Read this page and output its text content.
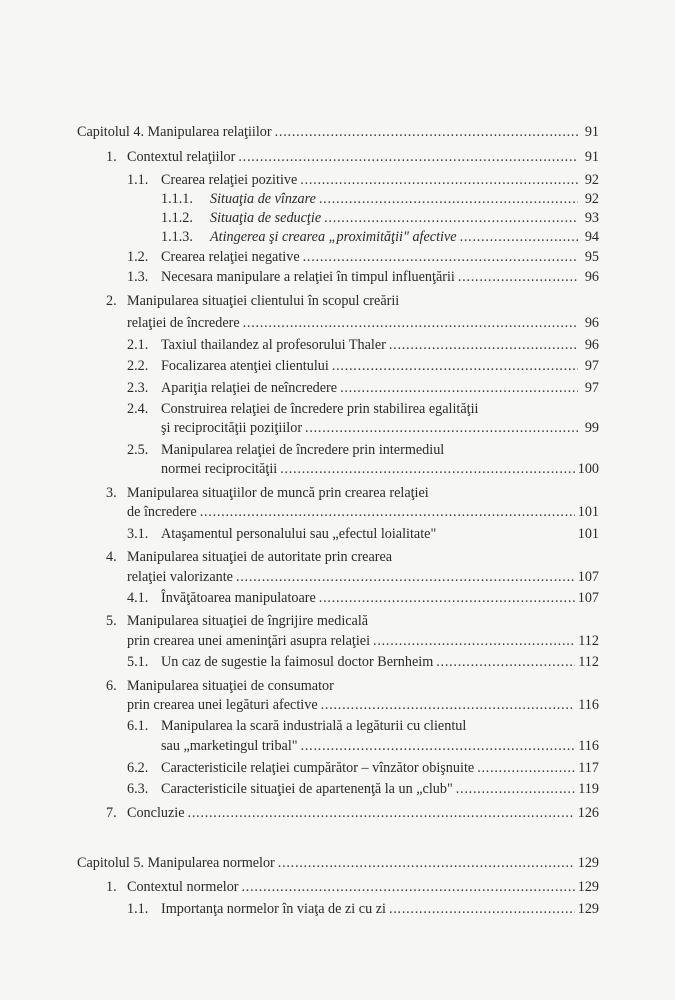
Capitolul 4. Manipularea relaţiilor . . .	91
1. Contextul relaţiilor . . .	91
1.1. Crearea relaţiei pozitive . . .	92
1.1.1.	Situaţia de vînzare . . .	92
1.1.2.	Situaţia de seducţie . . .	93
1.1.3.	Atingerea şi crearea „proximităţii" afective . . .	94
1.2. Crearea relaţiei negative . . .	95
1.3. Necesara manipulare a relaţiei în timpul influenţării . . .	96
2. Manipularea situaţiei clientului în scopul creării
relaţiei de încredere . . .	96
2.1. Taxiul thailandez al profesorului Thaler . . .	96
2.2. Focalizarea atenţiei clientului . . .	97
2.3. Apariţia relaţiei de neîncredere . . .	97
2.4. Construirea relaţiei de încredere prin stabilirea egalităţii
şi reciprocităţii poziţiilor . . .	99
2.5. Manipularea relaţiei de încredere prin intermediul
normei reciprocităţii . . .	100
3. Manipularea situaţiilor de muncă prin crearea relaţiei
de încredere . . .	101
3.1. Ataşamentul personalului sau „efectul loialitate"	101
4. Manipularea situaţiei de autoritate prin crearea
relaţiei valorizante . . .	107
4.1. Învăţătoarea manipulatoare . . .	107
5. Manipularea situaţiei de îngrijire medicală
prin crearea unei ameninţări asupra relaţiei . . .	112
5.1. Un caz de sugestie la faimosul doctor Bernheim . . .	112
6. Manipularea situaţiei de consumator
prin crearea unei legături afective . . .	116
6.1. Manipularea la scară industrială a legăturii cu clientul
sau „marketingul tribal" . . .	116
6.2. Caracteristicile relaţiei cumpărător – vînzător obişnuite . . .	117
6.3. Caracteristicile situaţiei de apartenenţă la un „club" . . .	119
7. Concluzie . . .	126
Capitolul 5. Manipularea normelor . . .	129
1. Contextul normelor . . .	129
1.1. Importanţa normelor în viaţa de zi cu zi . . .	129
